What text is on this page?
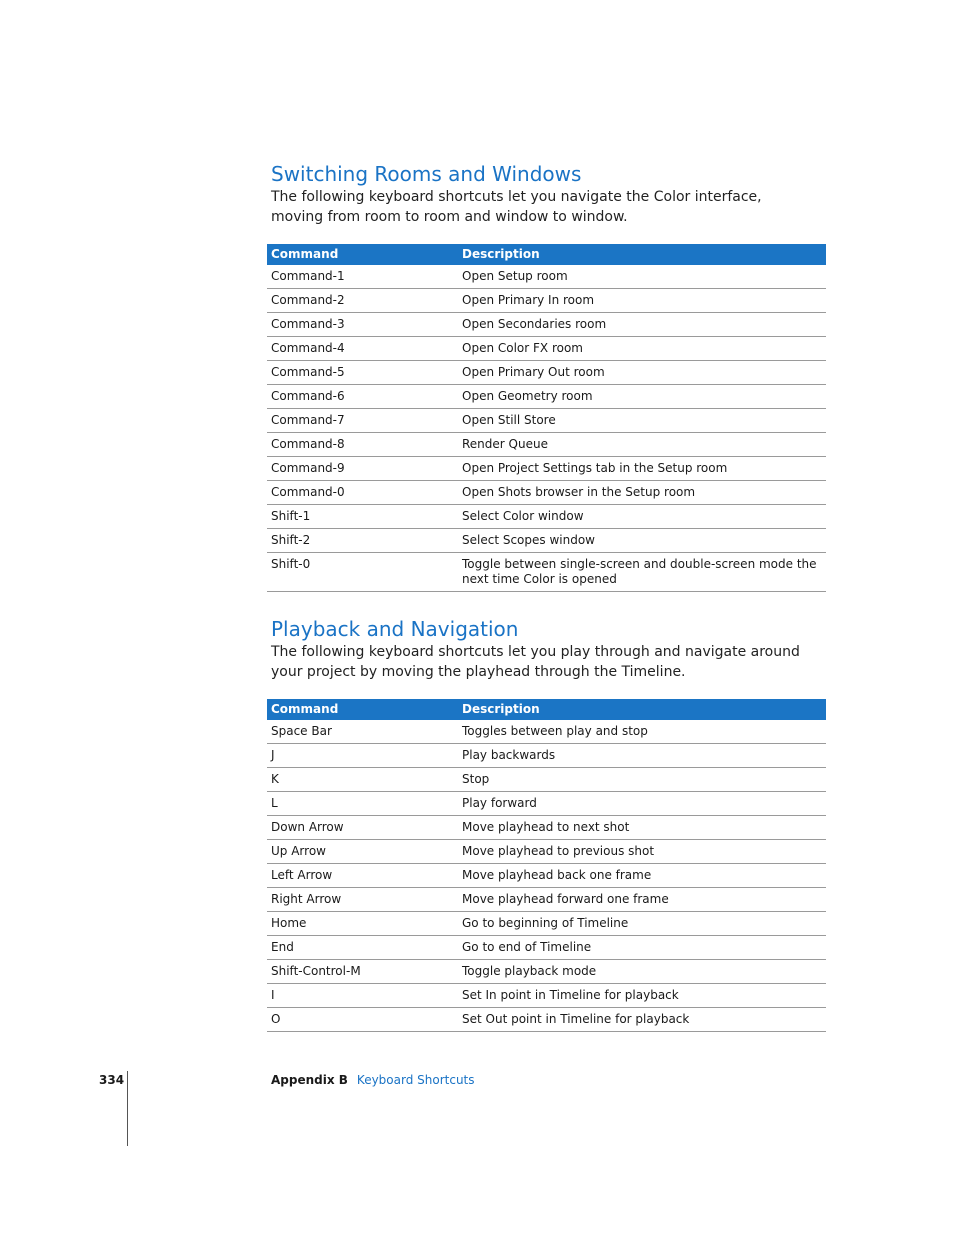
Switching Rooms and Windows

The following keyboard shortcuts let you navigate the Color interface, moving from room to room and window to window.

Command	Description
Command-1	Open Setup room
Command-2	Open Primary In room
Command-3	Open Secondaries room
Command-4	Open Color FX room
Command-5	Open Primary Out room
Command-6	Open Geometry room
Command-7	Open Still Store
Command-8	Render Queue
Command-9	Open Project Settings tab in the Setup room
Command-0	Open Shots browser in the Setup room
Shift-1	Select Color window
Shift-2	Select Scopes window
Shift-0	Toggle between single-screen and double-screen mode the next time Color is opened
Playback and Navigation

The following keyboard shortcuts let you play through and navigate around your project by moving the playhead through the Timeline.

Command	Description
Space Bar	Toggles between play and stop
J	Play backwards
K	Stop
L	Play forward
Down Arrow	Move playhead to next shot
Up Arrow	Move playhead to previous shot
Left Arrow	Move playhead back one frame
Right Arrow	Move playhead forward one frame
Home	Go to beginning of Timeline
End	Go to end of Timeline
Shift-Control-M	Toggle playback mode
I	Set In point in Timeline for playback
O	Set Out point in Timeline for playback
334	Appendix B Keyboard Shortcuts
